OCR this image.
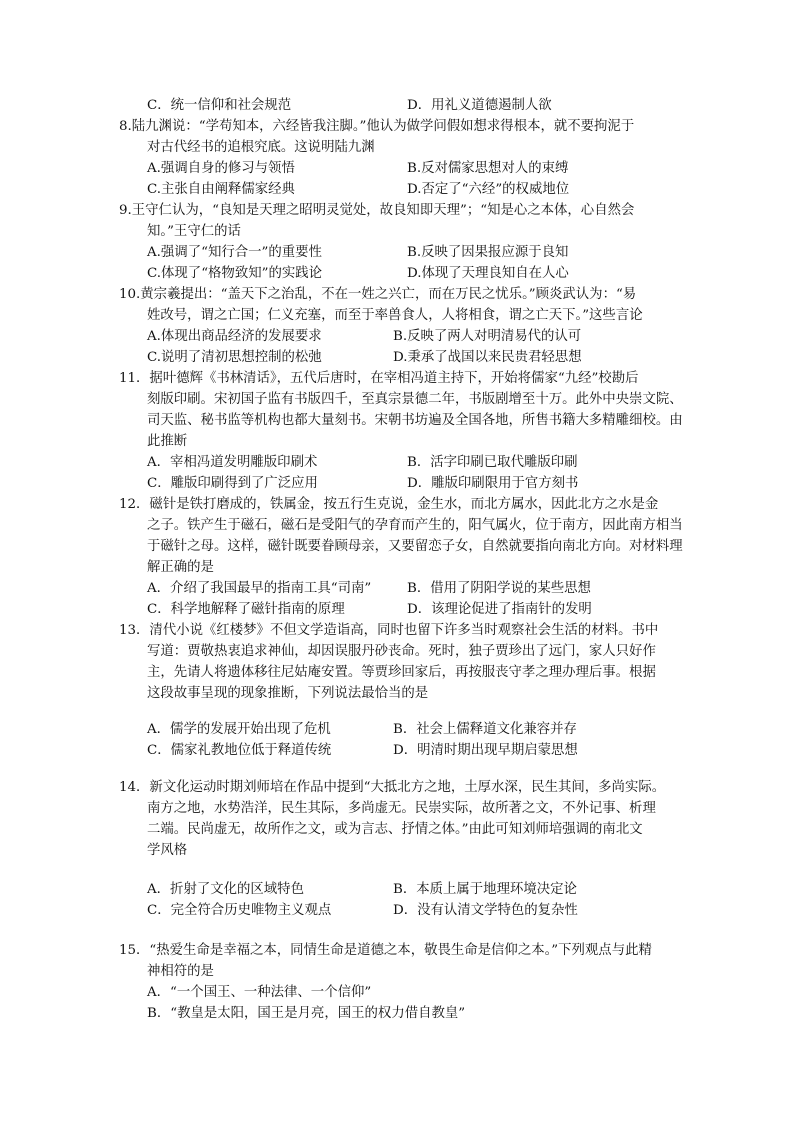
C．统一信仰和社会规范	D．用礼义道德遏制人欲
8.陆九渊说：“学苟知本，六经皆我注脚。”他认为做学问假如想求得根本，就不要拘泥于
对古代经书的追根究底。这说明陆九渊
A.强调自身的修习与领悟	B.反对儒家思想对人的束缚
C.主张自由阐释儒家经典	D.否定了“六经”的权威地位
9.王守仁认为，“良知是天理之昭明灵觉处，故良知即天理”；“知是心之本体，心自然会
知。”王守仁的话
A.强调了“知行合一”的重要性	B.反映了因果报应源于良知
C.体现了“格物致知”的实践论	D.体现了天理良知自在人心
10.黄宗羲提出：“盖天下之治乱，不在一姓之兴亡，而在万民之忧乐。”顾炎武认为：“易
姓改号，谓之亡国；仁义充塞，而至于率兽食人，人将相食，谓之亡天下。”这些言论
A.体现出商品经济的发展要求	B.反映了两人对明清易代的认可
C.说明了清初思想控制的松弛	D.秉承了战国以来民贵君轻思想
11．据叶德辉《书林清话》，五代后唐时，在宰相冯道主持下，开始将儒家“九经”校勘后
刻版印刷。宋初国子监有书版四千，至真宗景德二年，书版剧增至十万。此外中央崇文院、
司天监、秘书监等机构也都大量刻书。宋朝书坊遍及全国各地，所售书籍大多精雕细校。由
此推断
A．宰相冯道发明雕版印刷术	B．活字印刷已取代雕版印刷
C．雕版印刷得到了广泛应用	D．雕版印刷限用于官方刻书
12．磁针是铁打磨成的，铁属金，按五行生克说，金生水，而北方属水，因此北方之水是金
之子。铁产生于磁石，磁石是受阳气的孕育而产生的，阳气属火，位于南方，因此南方相当
于磁针之母。这样，磁针既要眷顾母亲，又要留恋子女，自然就要指向南北方向。对材料理
解正确的是
A．介绍了我国最早的指南工具“司南”	B．借用了阴阳学说的某些思想
C．科学地解释了磁针指南的原理	D．该理论促进了指南针的发明
13．清代小说《红楼梦》不但文学造诣高，同时也留下许多当时观察社会生活的材料。书中
写道：贾敬热衷追求神仙，却因误服丹砂丧命。死时，独子贾珍出了远门，家人只好作
主，先请人将遗体移往尼姑庵安置。等贾珍回家后，再按服丧守孝之理办理后事。根据
这段故事呈现的现象推断，下列说法最恰当的是
A．儒学的发展开始出现了危机	B．社会上儒释道文化兼容并存
C．儒家礼教地位低于释道传统	D．明清时期出现早期启蒙思想
14．新文化运动时期刘师培在作品中提到“大抵北方之地，土厚水深，民生其间，多尚实际。
南方之地，水势浩洋，民生其际，多尚虚无。民崇实际，故所著之文，不外记事、析理
二端。民尚虚无，故所作之文，或为言志、抒情之体。”由此可知刘师培强调的南北文
学风格
A．折射了文化的区域特色	B．本质上属于地理环境决定论
C．完全符合历史唯物主义观点	D．没有认清文学特色的复杂性
15．“热爱生命是幸福之本，同情生命是道德之本，敬畏生命是信仰之本。”下列观点与此精
神相符的是
A．“一个国王、一种法律、一个信仰”
B．“教皇是太阳，国王是月亮，国王的权力借自教皇”
